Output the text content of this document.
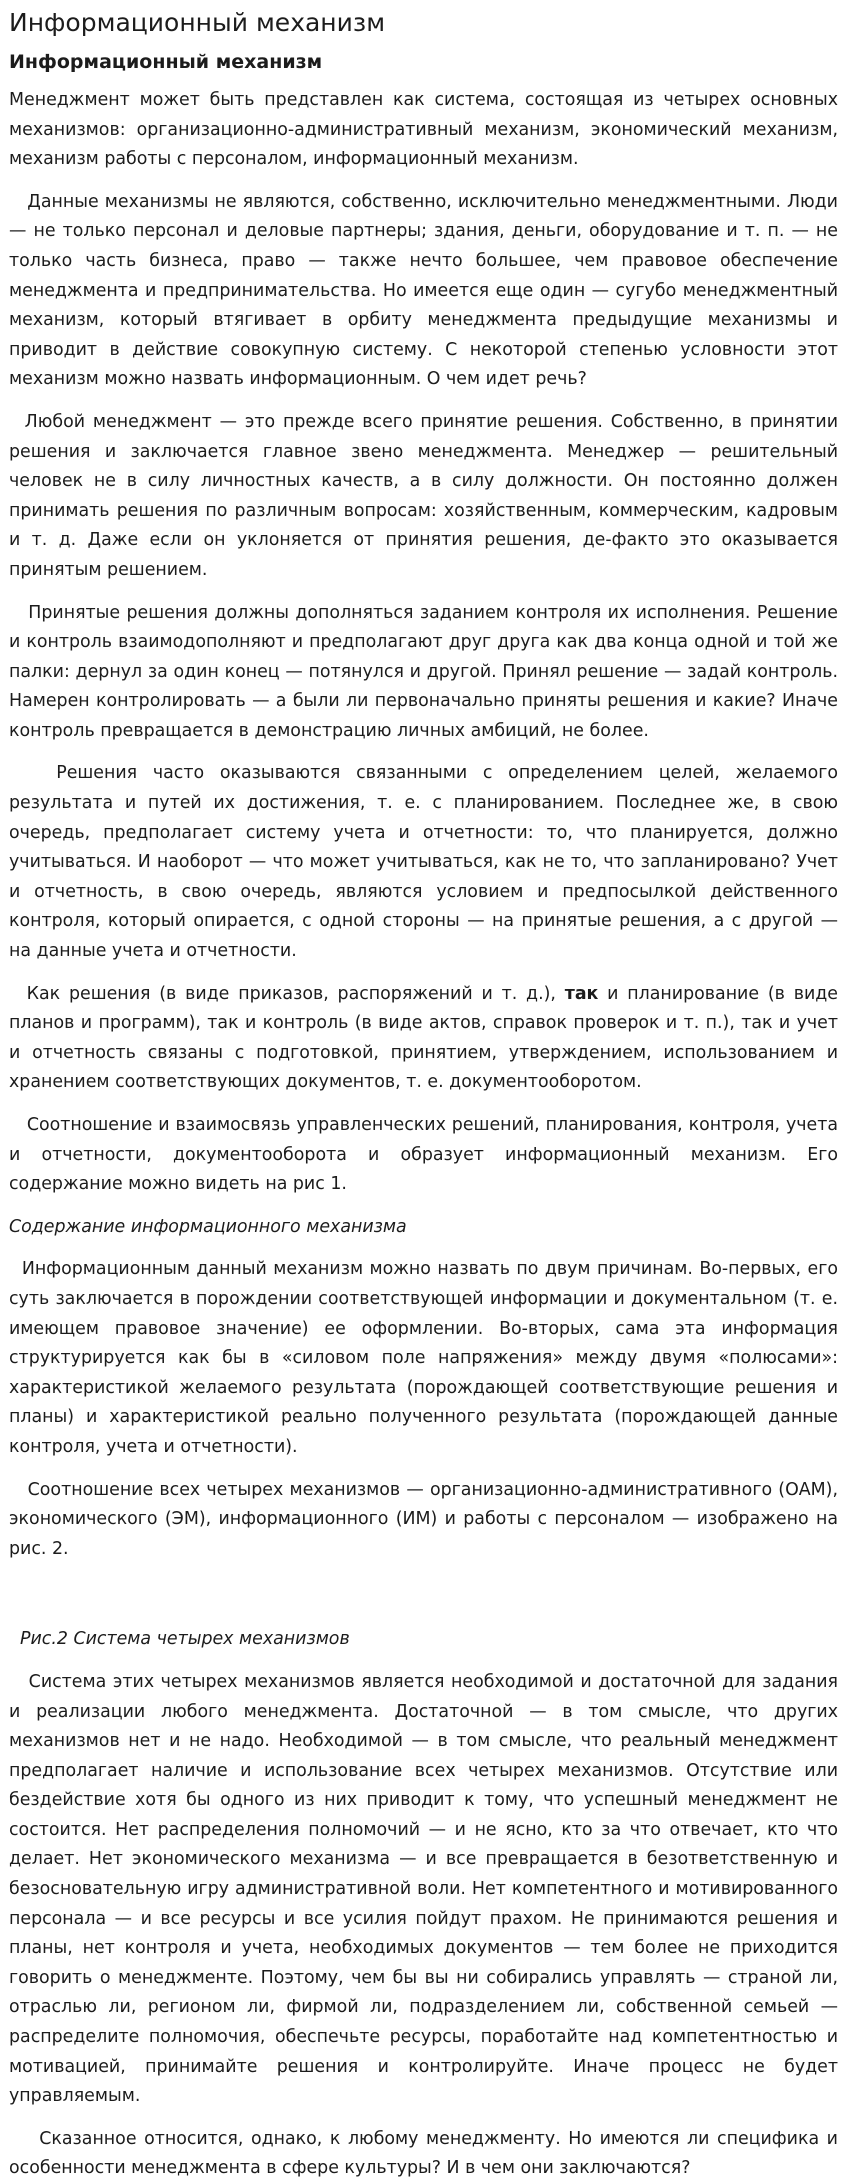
Информационный механизм
Информационный механизм

Менеджмент может быть представлен как система, состоящая из четырех основных механизмов: организационно-административный механизм, экономический механизм, механизм работы с персоналом, информационный механизм.

Данные механизмы не являются, собственно, исключительно менеджментными. Люди — не только персонал и деловые партнеры; здания, деньги, оборудование и т. п. — не только часть бизнеса, право — также нечто большее, чем правовое обеспечение менеджмента и предпринимательства. Но имеется еще один — сугубо менеджментный механизм, который втягивает в орбиту менеджмента предыдущие механизмы и приводит в действие совокупную систему. С некоторой степенью условности этот механизм можно назвать информационным. О чем идет речь?

Любой менеджмент — это прежде всего принятие решения. Собственно, в принятии решения и заключается главное звено менеджмента. Менеджер — решительный человек не в силу личностных качеств, а в силу должности. Он постоянно должен принимать решения по различным вопросам: хозяйственным, коммерческим, кадровым и т. д. Даже если он уклоняется от принятия решения, де-факто это оказывается принятым решением.

Принятые решения должны дополняться заданием контроля их исполнения. Решение и контроль взаимодополняют и предполагают друг друга как два конца одной и той же палки: дернул за один конец — потянулся и другой. Принял решение — задай контроль. Намерен контролировать — а были ли первоначально приняты решения и какие? Иначе контроль превращается в демонстрацию личных амбиций, не более.

Решения часто оказываются связанными с определением целей, желаемого результата и путей их достижения, т. е. с планированием. Последнее же, в свою очередь, предполагает систему учета и отчетности: то, что планируется, должно учитываться. И наоборот — что может учитываться, как не то, что запланировано? Учет и отчетность, в свою очередь, являются условием и предпосылкой действенного контроля, который опирается, с одной стороны — на принятые решения, а с другой — на данные учета и отчетности.

Как решения (в виде приказов, распоряжений и т. д.), так и планирование (в виде планов и программ), так и контроль (в виде актов, справок проверок и т. п.), так и учет и отчетность связаны с подготовкой, принятием, утверждением, использованием и хранением соответствующих документов, т. е. документооборотом.

Соотношение и взаимосвязь управленческих решений, планирования, контроля, учета и отчетности, документооборота и образует информационный механизм. Его содержание можно видеть на рис 1.

Содержание информационного механизма

Информационным данный механизм можно назвать по двум причинам. Во-первых, его суть заключается в порождении соответствующей информации и документальном (т. е. имеющем правовое значение) ее оформлении. Во-вторых, сама эта информация структурируется как бы в «силовом поле напряжения» между двумя «полюсами»: характеристикой желаемого результата (порождающей соответствующие решения и планы) и характеристикой реально полученного результата (порождающей данные контроля, учета и отчетности).

Соотношение всех четырех механизмов — организационно-административного (ОАМ), экономического (ЭМ), информационного (ИМ) и работы с персоналом — изображено на рис. 2.

Рис.2 Система четырех механизмов

Система этих четырех механизмов является необходимой и достаточной для задания и реализации любого менеджмента. Достаточной — в том смысле, что других механизмов нет и не надо. Необходимой — в том смысле, что реальный менеджмент предполагает наличие и использование всех четырех механизмов. Отсутствие или бездействие хотя бы одного из них приводит к тому, что успешный менеджмент не состоится. Нет распределения полномочий — и не ясно, кто за что отвечает, кто что делает. Нет экономического механизма — и все превращается в безответственную и безосновательную игру административной воли. Нет компетентного и мотивированного персонала — и все ресурсы и все усилия пойдут прахом. Не принимаются решения и планы, нет контроля и учета, необходимых документов — тем более не приходится говорить о менеджменте. Поэтому, чем бы вы ни собирались управлять — страной ли, отраслью ли, регионом ли, фирмой ли, подразделением ли, собственной семьей — распределите полномочия, обеспечьте ресурсы, поработайте над компетентностью и мотивацией, принимайте решения и контролируйте. Иначе процесс не будет управляемым.

Сказанное относится, однако, к любому менеджменту. Но имеются ли специфика и особенности менеджмента в сфере культуры? И в чем они заключаются?
